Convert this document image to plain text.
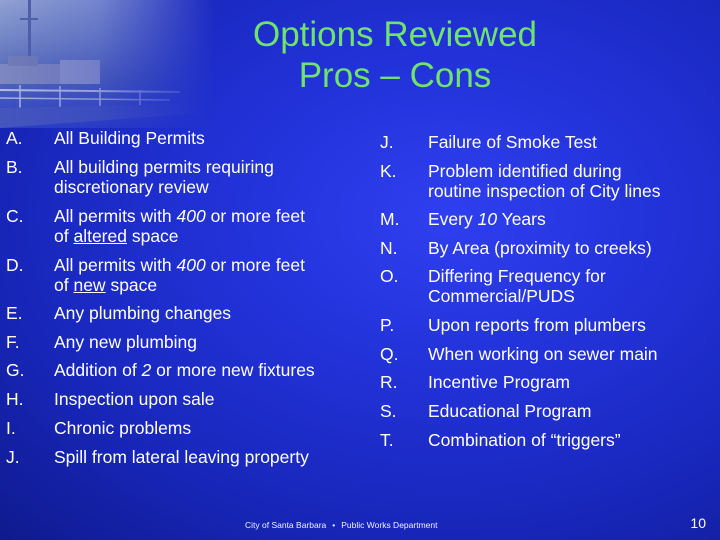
Options Reviewed
Pros – Cons
A. All Building Permits
B. All building permits requiring
discretionary review
C. All permits with 400 or more feet
of altered space
D. All permits with 400 or more feet
of new space
E. Any plumbing changes
F. Any new plumbing
G. Addition of 2 or more new fixtures
H. Inspection upon sale
I. Chronic problems
J. Spill from lateral leaving property
J. Failure of Smoke Test
K. Problem identified during
routine inspection of City lines
M. Every 10 Years
N. By Area (proximity to creeks)
O. Differing Frequency for
Commercial/PUDS
P. Upon reports from plumbers
Q. When working on sewer main
R. Incentive Program
S. Educational Program
T. Combination of “triggers”
City of Santa Barbara • Public Works Department	10
